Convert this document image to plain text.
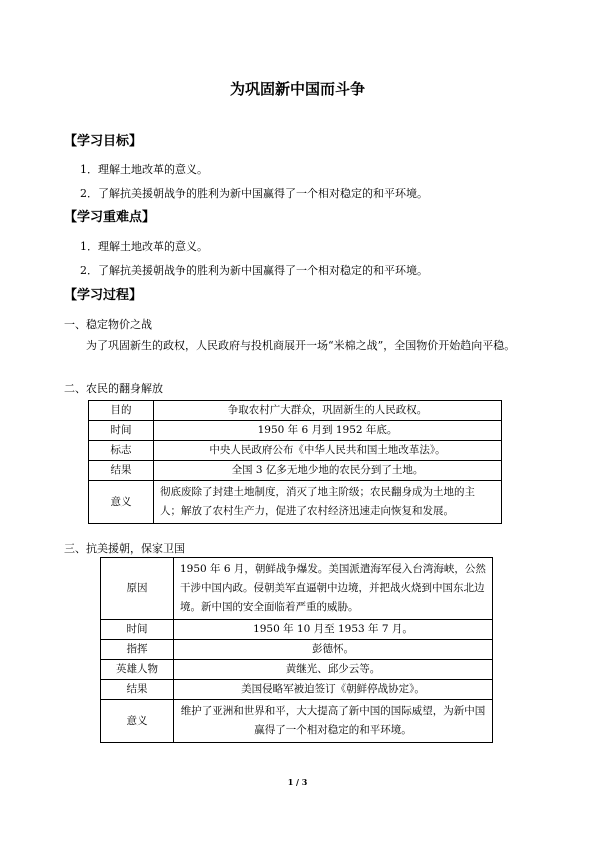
为巩固新中国而斗争
【学习目标】
1．理解土地改革的意义。
2．了解抗美援朝战争的胜利为新中国赢得了一个相对稳定的和平环境。
【学习重难点】
1．理解土地改革的意义。
2．了解抗美援朝战争的胜利为新中国赢得了一个相对稳定的和平环境。
【学习过程】
一、稳定物价之战
为了巩固新生的政权，人民政府与投机商展开一场“米棉之战”，全国物价开始趋向平稳。
二、农民的翻身解放
目的	争取农村广大群众，巩固新生的人民政权。
时间	1950 年 6 月到 1952 年底。
标志	中央人民政府公布《中华人民共和国土地改革法》。
结果	全国 3 亿多无地少地的农民分到了土地。
意义	彻底废除了封建土地制度，消灭了地主阶级；农民翻身成为土地的主人；解放了农村生产力，促进了农村经济迅速走向恢复和发展。
三、抗美援朝，保家卫国
原因	1950 年 6 月，朝鲜战争爆发。美国派遣海军侵入台湾海峡，公然干涉中国内政。侵朝美军直逼朝中边境，并把战火烧到中国东北边境。新中国的安全面临着严重的威胁。
时间	1950 年 10 月至 1953 年 7 月。
指挥	彭德怀。
英雄人物	黄继光、邱少云等。
结果	美国侵略军被迫签订《朝鲜停战协定》。
意义	维护了亚洲和世界和平，大大提高了新中国的国际威望，为新中国赢得了一个相对稳定的和平环境。
1 / 3
